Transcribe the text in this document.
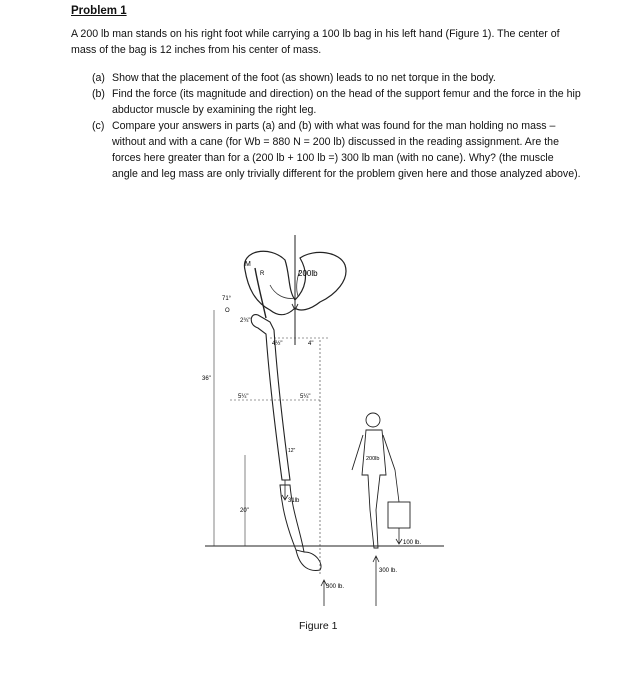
Problem 1
A 200 lb man stands on his right foot while carrying a 100 lb bag in his left hand (Figure 1). The center of mass of the bag is 12 inches from his center of mass.
(a) Show that the placement of the foot (as shown) leads to no net torque in the body.
(b) Find the force (its magnitude and direction) on the head of the support femur and the force in the hip abductor muscle by examining the right leg.
(c) Compare your answers in parts (a) and (b) with what was found for the man holding no mass – without and with a cane (for Wb = 880 N = 200 lb) discussed in the reading assignment. Are the forces here greater than for a (200 lb + 100 lb =) 300 lb man (with no cane). Why? (the muscle angle and leg mass are only trivially different for the problem given here and those analyzed above).
200lb
M
R
71°
O
2¾"
12"
4½"	4"
36"
5¼"	5¼"
31lb
20"
300 lb.
200lb
100 lb.
300 lb.
Figure 1
